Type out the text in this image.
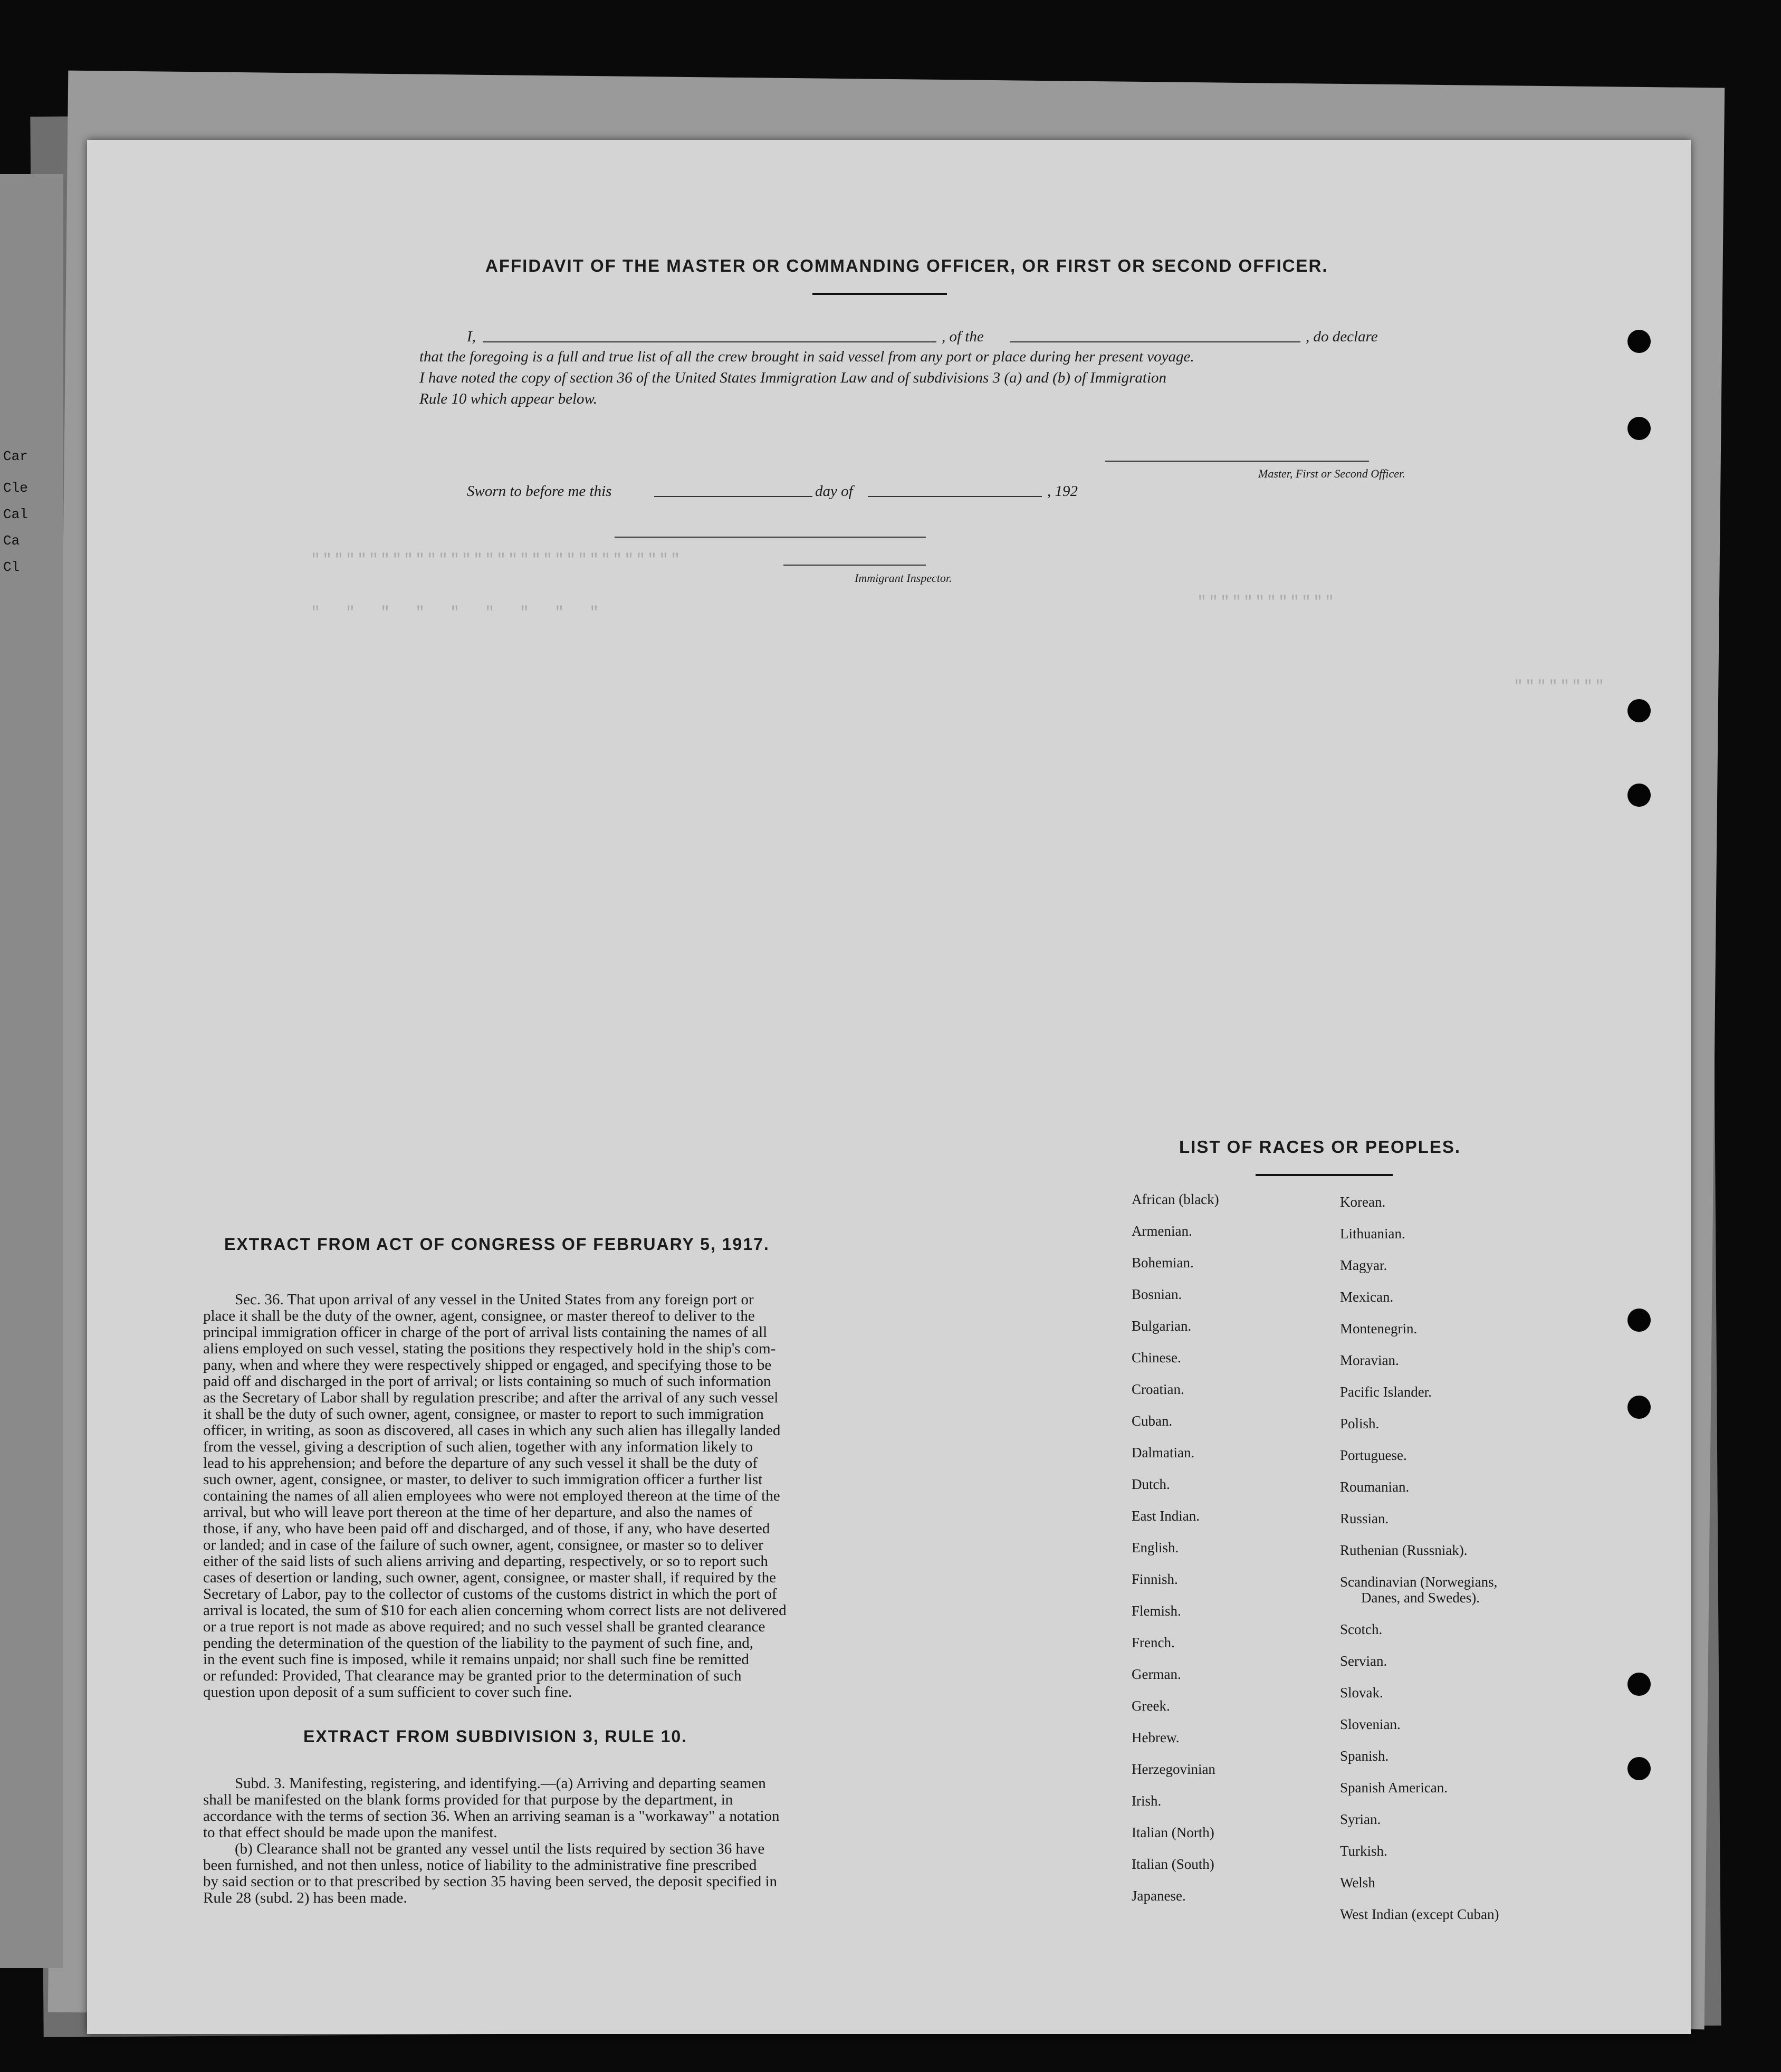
Car
Cle
Cal
Ca
Cl	""""""""""""""""""""""""""""""""
"  "  "  "  "  "  "  "  "
""""""""""""
""""""""
AFFIDAVIT OF THE MASTER OR COMMANDING OFFICER, OR FIRST OR SECOND OFFICER.
I,	, of the	, do declare
that the foregoing is a full and true list of all the crew brought in said vessel from any port or place during her present voyage.
I have noted the copy of section 36 of the United States Immigration Law and of subdivisions 3 (a) and (b) of Immigration
Rule 10 which appear below.
Master, First or Second Officer.
Sworn to before me this	day of	, 192
Immigrant Inspector.
EXTRACT FROM ACT OF CONGRESS OF FEBRUARY 5, 1917.
Sec. 36. That upon arrival of any vessel in the United States from any foreign port or
place it shall be the duty of the owner, agent, consignee, or master thereof to deliver to the
principal immigration officer in charge of the port of arrival lists containing the names of all
aliens employed on such vessel, stating the positions they respectively hold in the ship's com-
pany, when and where they were respectively shipped or engaged, and specifying those to be
paid off and discharged in the port of arrival; or lists containing so much of such information
as the Secretary of Labor shall by regulation prescribe; and after the arrival of any such vessel
it shall be the duty of such owner, agent, consignee, or master to report to such immigration
officer, in writing, as soon as discovered, all cases in which any such alien has illegally landed
from the vessel, giving a description of such alien, together with any information likely to
lead to his apprehension; and before the departure of any such vessel it shall be the duty of
such owner, agent, consignee, or master, to deliver to such immigration officer a further list
containing the names of all alien employees who were not employed thereon at the time of the
arrival, but who will leave port thereon at the time of her departure, and also the names of
those, if any, who have been paid off and discharged, and of those, if any, who have deserted
or landed; and in case of the failure of such owner, agent, consignee, or master so to deliver
either of the said lists of such aliens arriving and departing, respectively, or so to report such
cases of desertion or landing, such owner, agent, consignee, or master shall, if required by the
Secretary of Labor, pay to the collector of customs of the customs district in which the port of
arrival is located, the sum of $10 for each alien concerning whom correct lists are not delivered
or a true report is not made as above required; and no such vessel shall be granted clearance
pending the determination of the question of the liability to the payment of such fine, and,
in the event such fine is imposed, while it remains unpaid; nor shall such fine be remitted
or refunded: Provided, That clearance may be granted prior to the determination of such
question upon deposit of a sum sufficient to cover such fine.
EXTRACT FROM SUBDIVISION 3, RULE 10.
Subd. 3. Manifesting, registering, and identifying.—(a) Arriving and departing seamen
shall be manifested on the blank forms provided for that purpose by the department, in
accordance with the terms of section 36. When an arriving seaman is a "workaway" a notation
to that effect should be made upon the manifest.
(b) Clearance shall not be granted any vessel until the lists required by section 36 have
been furnished, and not then unless, notice of liability to the administrative fine prescribed
by said section or to that prescribed by section 35 having been served, the deposit specified in
Rule 28 (subd. 2) has been made.
LIST OF RACES OR PEOPLES.
African (black)
Armenian.
Bohemian.
Bosnian.
Bulgarian.
Chinese.
Croatian.
Cuban.
Dalmatian.
Dutch.
East Indian.
English.
Finnish.
Flemish.
French.
German.
Greek.
Hebrew.
Herzegovinian
Irish.
Italian (North)
Italian (South)
Japanese.
Korean.
Lithuanian.
Magyar.
Mexican.
Montenegrin.
Moravian.
Pacific Islander.
Polish.
Portuguese.
Roumanian.
Russian.
Ruthenian (Russniak).
Scandinavian (Norwegians,
Danes, and Swedes).
Scotch.
Servian.
Slovak.
Slovenian.
Spanish.
Spanish American.
Syrian.
Turkish.
Welsh
West Indian (except Cuban)
